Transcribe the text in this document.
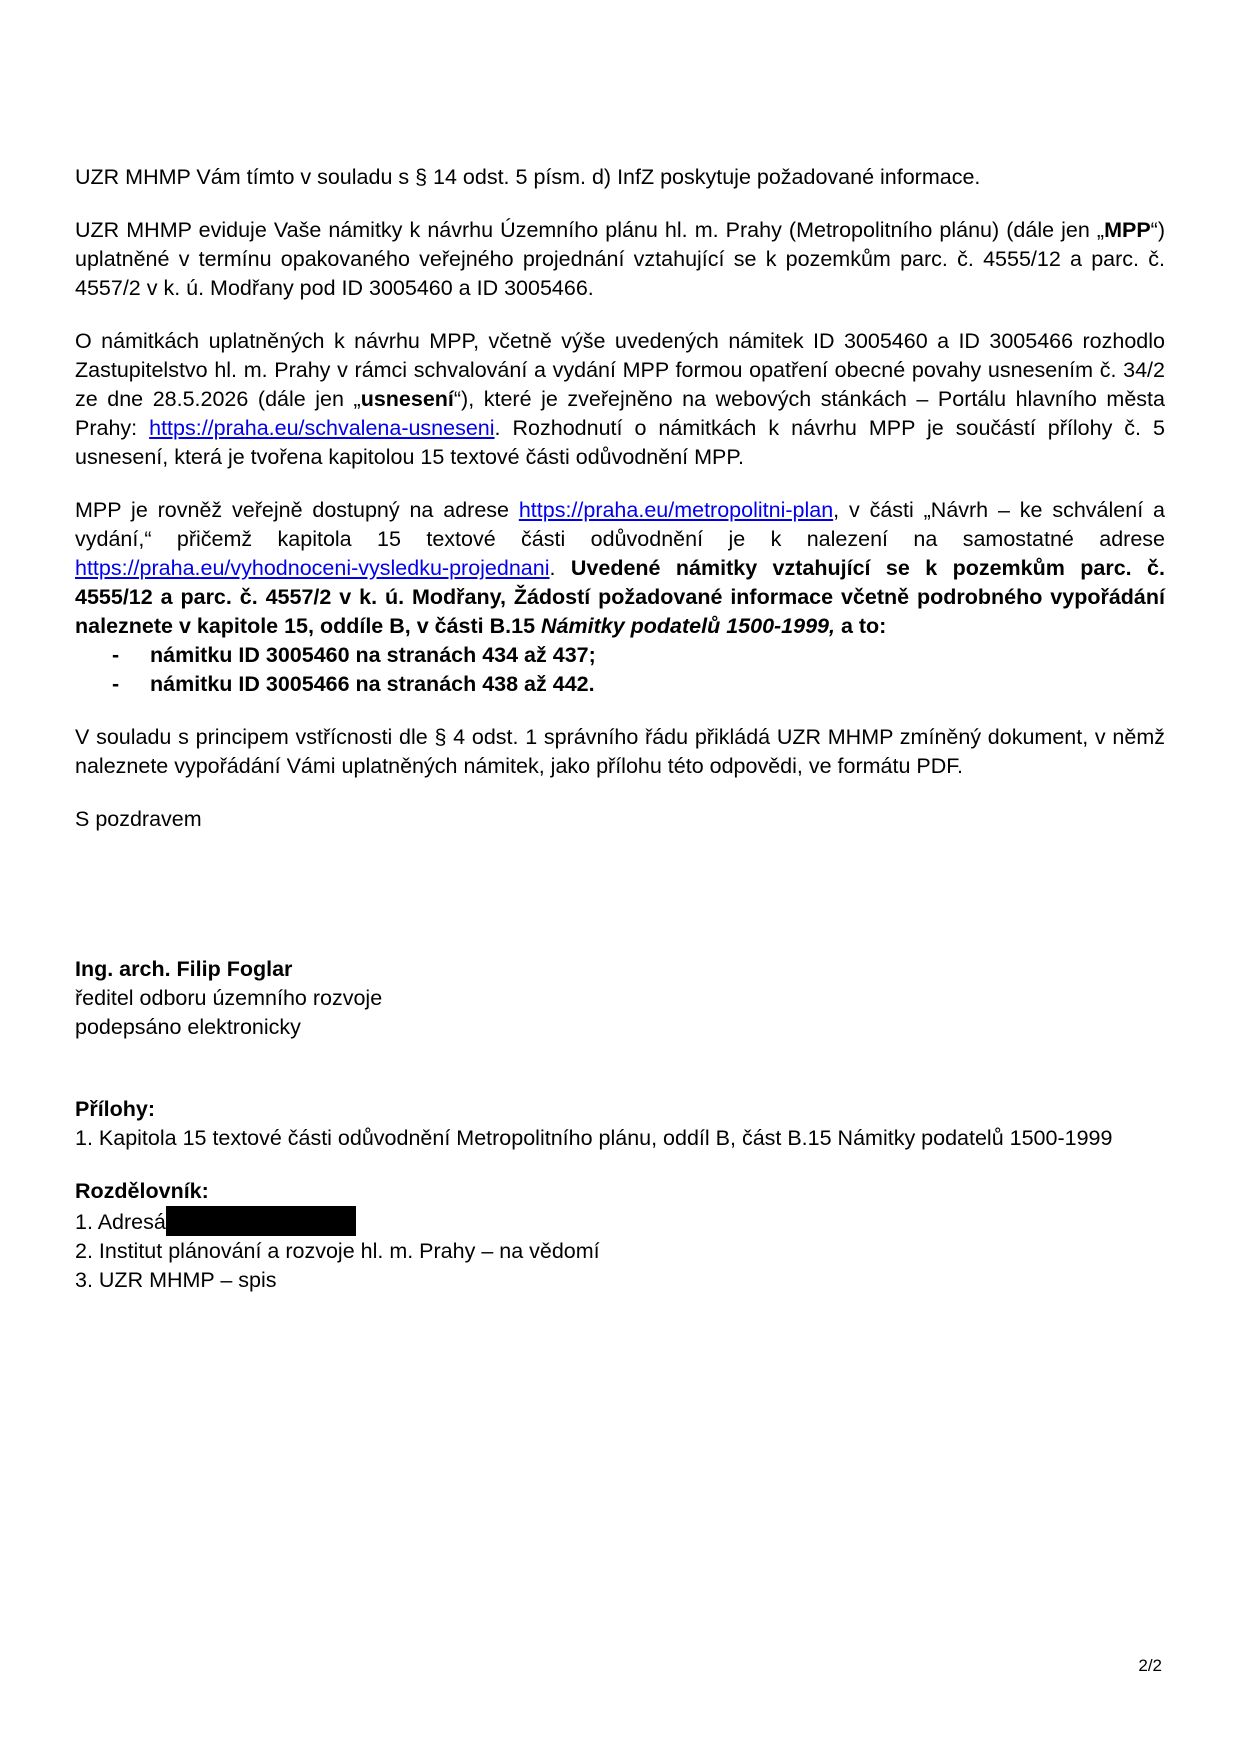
UZR MHMP Vám tímto v souladu s § 14 odst. 5 písm. d) InfZ poskytuje požadované informace.

UZR MHMP eviduje Vaše námitky k návrhu Územního plánu hl. m. Prahy (Metropolitního plánu) (dále jen „MPP“) uplatněné v termínu opakovaného veřejného projednání vztahující se k pozemkům parc. č. 4555/12 a parc. č. 4557/2 v k. ú. Modřany pod ID 3005460 a ID 3005466.

O námitkách uplatněných k návrhu MPP, včetně výše uvedených námitek ID 3005460 a ID 3005466 rozhodlo Zastupitelstvo hl. m. Prahy v rámci schvalování a vydání MPP formou opatření obecné povahy usnesením č. 34/2 ze dne 28.5.2026 (dále jen „usnesení“), které je zveřejněno na webových stánkách – Portálu hlavního města Prahy: https://praha.eu/schvalena-usneseni. Rozhodnutí o námitkách k návrhu MPP je součástí přílohy č. 5 usnesení, která je tvořena kapitolou 15 textové části odůvodnění MPP.

MPP je rovněž veřejně dostupný na adrese https://praha.eu/metropolitni-plan, v části „Návrh – ke schválení a vydání,“ přičemž kapitola 15 textové části odůvodnění je k nalezení na samostatné adrese https://praha.eu/vyhodnoceni-vysledku-projednani. Uvedené námitky vztahující se k pozemkům parc. č. 4555/12 a parc. č. 4557/2 v k. ú. Modřany, Žádostí požadované informace včetně podrobného vypořádání naleznete v kapitole 15, oddíle B, v části B.15 Námitky podatelů 1500-1999, a to:

- námitku ID 3005460 na stranách 434 až 437;
- námitku ID 3005466 na stranách 438 až 442.

V souladu s principem vstřícnosti dle § 4 odst. 1 správního řádu přikládá UZR MHMP zmíněný dokument, v němž naleznete vypořádání Vámi uplatněných námitek, jako přílohu této odpovědi, ve formátu PDF.

S pozdravem

Ing. arch. Filip Foglar
ředitel odboru územního rozvoje
podepsáno elektronicky
Přílohy:
1. Kapitola 15 textové části odůvodnění Metropolitního plánu, oddíl B, část B.15 Námitky podatelů 1500-1999
Rozdělovník:
1. Adresá
2. Institut plánování a rozvoje hl. m. Prahy – na vědomí
3. UZR MHMP – spis
2/2
